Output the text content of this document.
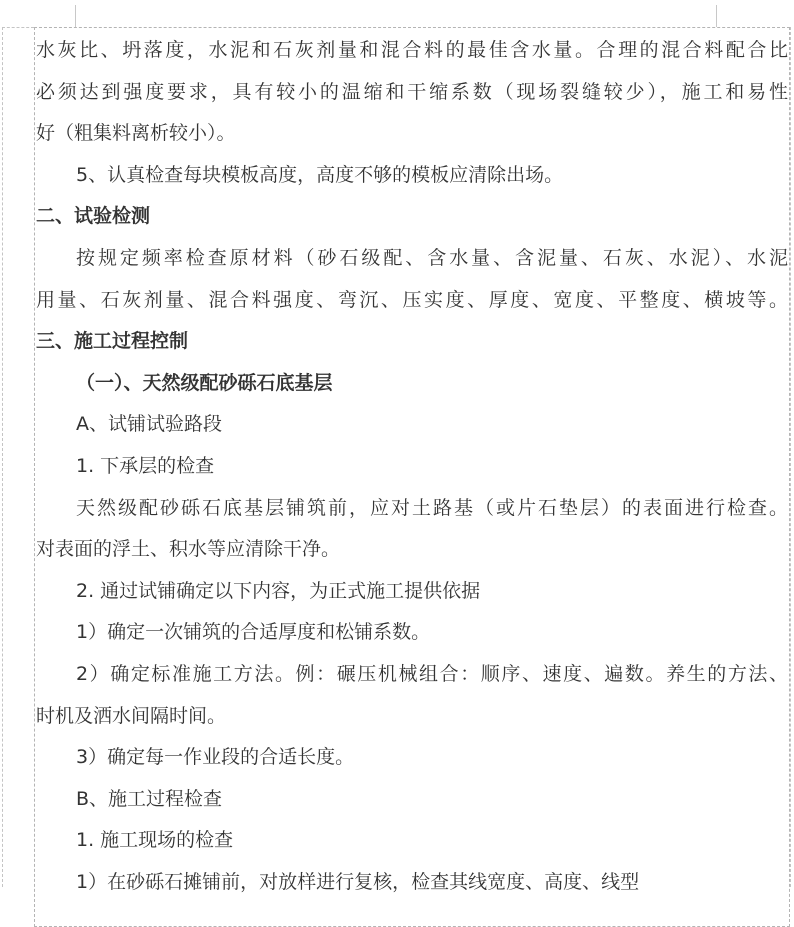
水灰比、坍落度，水泥和石灰剂量和混合料的最佳含水量。合理的混合料配合比
必须达到强度要求，具有较小的温缩和干缩系数（现场裂缝较少），施工和易性
好（粗集料离析较小）。
5、认真检查每块模板高度，高度不够的模板应清除出场。
二、试验检测
按规定频率检查原材料（砂石级配、含水量、含泥量、石灰、水泥）、水泥
用量、石灰剂量、混合料强度、弯沉、压实度、厚度、宽度、平整度、横坡等。
三、施工过程控制
（一）、天然级配砂砾石底基层
A、试铺试验路段
1. 下承层的检查
天然级配砂砾石底基层铺筑前，应对土路基（或片石垫层）的表面进行检查。
对表面的浮土、积水等应清除干净。
2. 通过试铺确定以下内容，为正式施工提供依据
1）确定一次铺筑的合适厚度和松铺系数。
2）确定标准施工方法。例：碾压机械组合：顺序、速度、遍数。养生的方法、
时机及洒水间隔时间。
3）确定每一作业段的合适长度。
B、施工过程检查
1. 施工现场的检查
1）在砂砾石摊铺前，对放样进行复核，检查其线宽度、高度、线型
